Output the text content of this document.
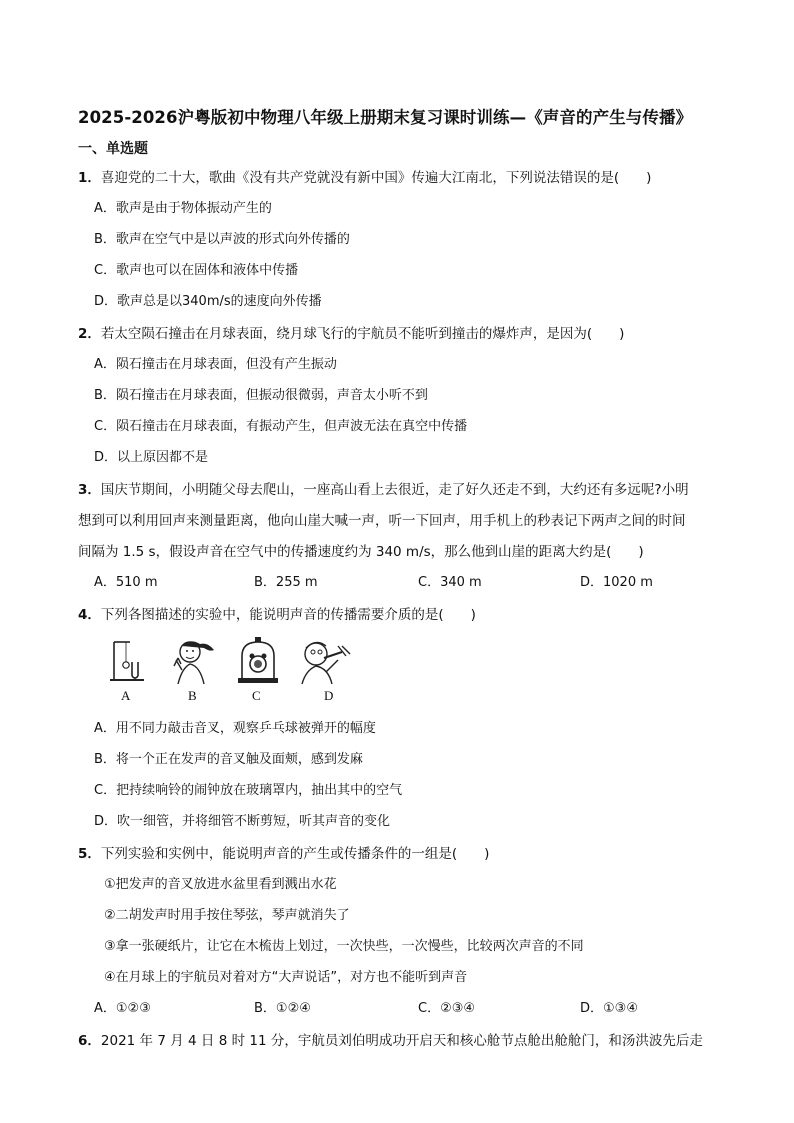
2025-2026沪粤版初中物理八年级上册期末复习课时训练—《声音的产生与传播》
一、单选题
1．喜迎党的二十大，歌曲《没有共产党就没有新中国》传遍大江南北，下列说法错误的是(　　)
A．歌声是由于物体振动产生的
B．歌声在空气中是以声波的形式向外传播的
C．歌声也可以在固体和液体中传播
D．歌声总是以340m/s的速度向外传播
2．若太空陨石撞击在月球表面，绕月球飞行的宇航员不能听到撞击的爆炸声，是因为(　　)
A．陨石撞击在月球表面，但没有产生振动
B．陨石撞击在月球表面，但振动很微弱，声音太小听不到
C．陨石撞击在月球表面，有振动产生，但声波无法在真空中传播
D．以上原因都不是
3．国庆节期间，小明随父母去爬山，一座高山看上去很近，走了好久还走不到，大约还有多远呢?小明
想到可以利用回声来测量距离，他向山崖大喊一声，听一下回声，用手机上的秒表记下两声之间的时间
间隔为 1.5 s，假设声音在空气中的传播速度约为 340 m/s，那么他到山崖的距离大约是(　　)
A．510 m	B．255 m	C．340 m	D．1020 m
4．下列各图描述的实验中，能说明声音的传播需要介质的是(　　)
A	B	C	D
A．用不同力敲击音叉，观察乒乓球被弹开的幅度
B．将一个正在发声的音叉触及面颊，感到发麻
C．把持续响铃的闹钟放在玻璃罩内，抽出其中的空气
D．吹一细管，并将细管不断剪短，听其声音的变化
5．下列实验和实例中，能说明声音的产生或传播条件的一组是(　　)
①把发声的音叉放进水盆里看到溅出水花
②二胡发声时用手按住琴弦，琴声就消失了
③拿一张硬纸片，让它在木梳齿上划过，一次快些，一次慢些，比较两次声音的不同
④在月球上的宇航员对着对方“大声说话”，对方也不能听到声音
A．①②③	B．①②④	C．②③④	D．①③④
6．2021 年 7 月 4 日 8 时 11 分，宇航员刘伯明成功开启天和核心舱节点舱出舱舱门，和汤洪波先后走
